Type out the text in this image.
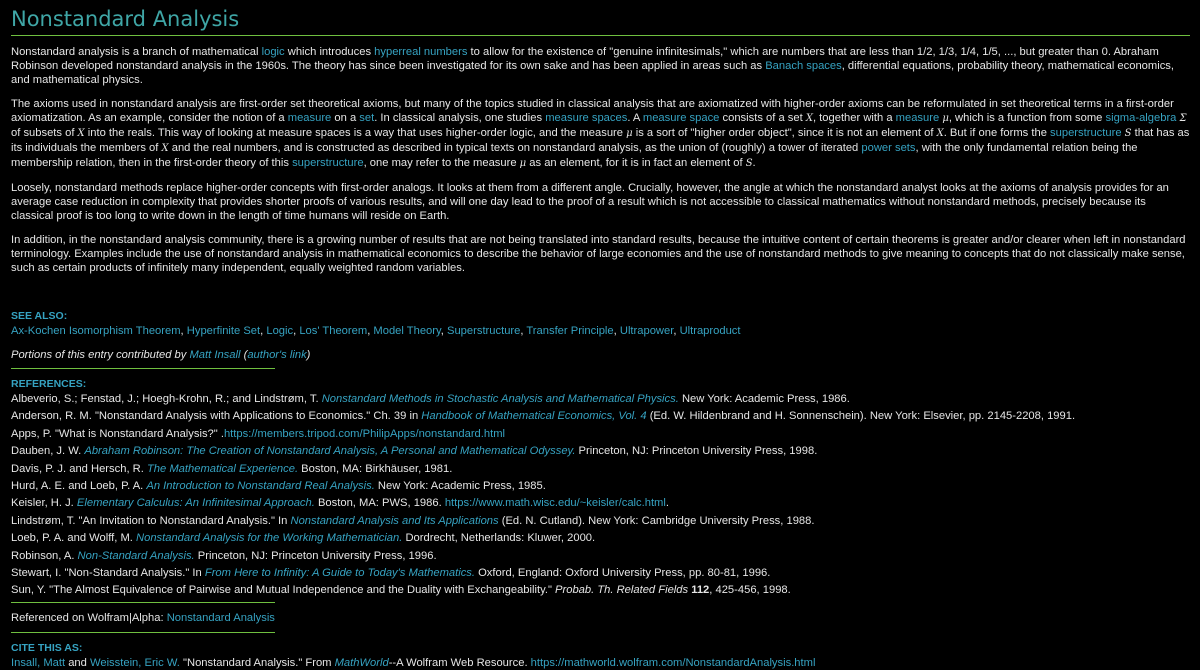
Nonstandard Analysis

Nonstandard analysis is a branch of mathematical logic which introduces hyperreal numbers to allow for the existence of "genuine infinitesimals," which are numbers that are less than 1/2, 1/3, 1/4, 1/5, ..., but greater than 0. Abraham Robinson developed nonstandard analysis in the 1960s. The theory has since been investigated for its own sake and has been applied in areas such as Banach spaces, differential equations, probability theory, mathematical economics, and mathematical physics.

The axioms used in nonstandard analysis are first-order set theoretical axioms, but many of the topics studied in classical analysis that are axiomatized with higher-order axioms can be reformulated in set theoretical terms in a first-order axiomatization. As an example, consider the notion of a measure on a set. In classical analysis, one studies measure spaces. A measure space consists of a set X, together with a measure μ, which is a function from some sigma-algebra Σ of subsets of X into the reals. This way of looking at measure spaces is a way that uses higher-order logic, and the measure μ is a sort of "higher order object", since it is not an element of X. But if one forms the superstructure S that has as its individuals the members of X and the real numbers, and is constructed as described in typical texts on nonstandard analysis, as the union of (roughly) a tower of iterated power sets, with the only fundamental relation being the membership relation, then in the first-order theory of this superstructure, one may refer to the measure μ as an element, for it is in fact an element of S.

Loosely, nonstandard methods replace higher-order concepts with first-order analogs. It looks at them from a different angle. Crucially, however, the angle at which the nonstandard analyst looks at the axioms of analysis provides for an average case reduction in complexity that provides shorter proofs of various results, and will one day lead to the proof of a result which is not accessible to classical mathematics without nonstandard methods, precisely because its classical proof is too long to write down in the length of time humans will reside on Earth.

In addition, in the nonstandard analysis community, there is a growing number of results that are not being translated into standard results, because the intuitive content of certain theorems is greater and/or clearer when left in nonstandard terminology. Examples include the use of nonstandard analysis in mathematical economics to describe the behavior of large economies and the use of nonstandard methods to give meaning to concepts that do not classically make sense, such as certain products of infinitely many independent, equally weighted random variables.

SEE ALSO:
Ax-Kochen Isomorphism Theorem, Hyperfinite Set, Logic, Los' Theorem, Model Theory, Superstructure, Transfer Principle, Ultrapower, Ultraproduct
Portions of this entry contributed by Matt Insall (author's link)
REFERENCES:
Albeverio, S.; Fenstad, J.; Hoegh-Krohn, R.; and Lindstrøm, T. Nonstandard Methods in Stochastic Analysis and Mathematical Physics. New York: Academic Press, 1986.
Anderson, R. M. "Nonstandard Analysis with Applications to Economics." Ch. 39 in Handbook of Mathematical Economics, Vol. 4 (Ed. W. Hildenbrand and H. Sonnenschein). New York: Elsevier, pp. 2145-2208, 1991.
Apps, P. "What is Nonstandard Analysis?" .https://members.tripod.com/PhilipApps/nonstandard.html
Dauben, J. W. Abraham Robinson: The Creation of Nonstandard Analysis, A Personal and Mathematical Odyssey. Princeton, NJ: Princeton University Press, 1998.
Davis, P. J. and Hersch, R. The Mathematical Experience. Boston, MA: Birkhäuser, 1981.
Hurd, A. E. and Loeb, P. A. An Introduction to Nonstandard Real Analysis. New York: Academic Press, 1985.
Keisler, H. J. Elementary Calculus: An Infinitesimal Approach. Boston, MA: PWS, 1986. https://www.math.wisc.edu/~keisler/calc.html.
Lindstrøm, T. "An Invitation to Nonstandard Analysis." In Nonstandard Analysis and Its Applications (Ed. N. Cutland). New York: Cambridge University Press, 1988.
Loeb, P. A. and Wolff, M. Nonstandard Analysis for the Working Mathematician. Dordrecht, Netherlands: Kluwer, 2000.
Robinson, A. Non-Standard Analysis. Princeton, NJ: Princeton University Press, 1996.
Stewart, I. "Non-Standard Analysis." In From Here to Infinity: A Guide to Today's Mathematics. Oxford, England: Oxford University Press, pp. 80-81, 1996.
Sun, Y. "The Almost Equivalence of Pairwise and Mutual Independence and the Duality with Exchangeability." Probab. Th. Related Fields 112, 425-456, 1998.
Referenced on Wolfram|Alpha: Nonstandard Analysis
CITE THIS AS:
Insall, Matt and Weisstein, Eric W. "Nonstandard Analysis." From MathWorld--A Wolfram Web Resource. https://mathworld.wolfram.com/NonstandardAnalysis.html
